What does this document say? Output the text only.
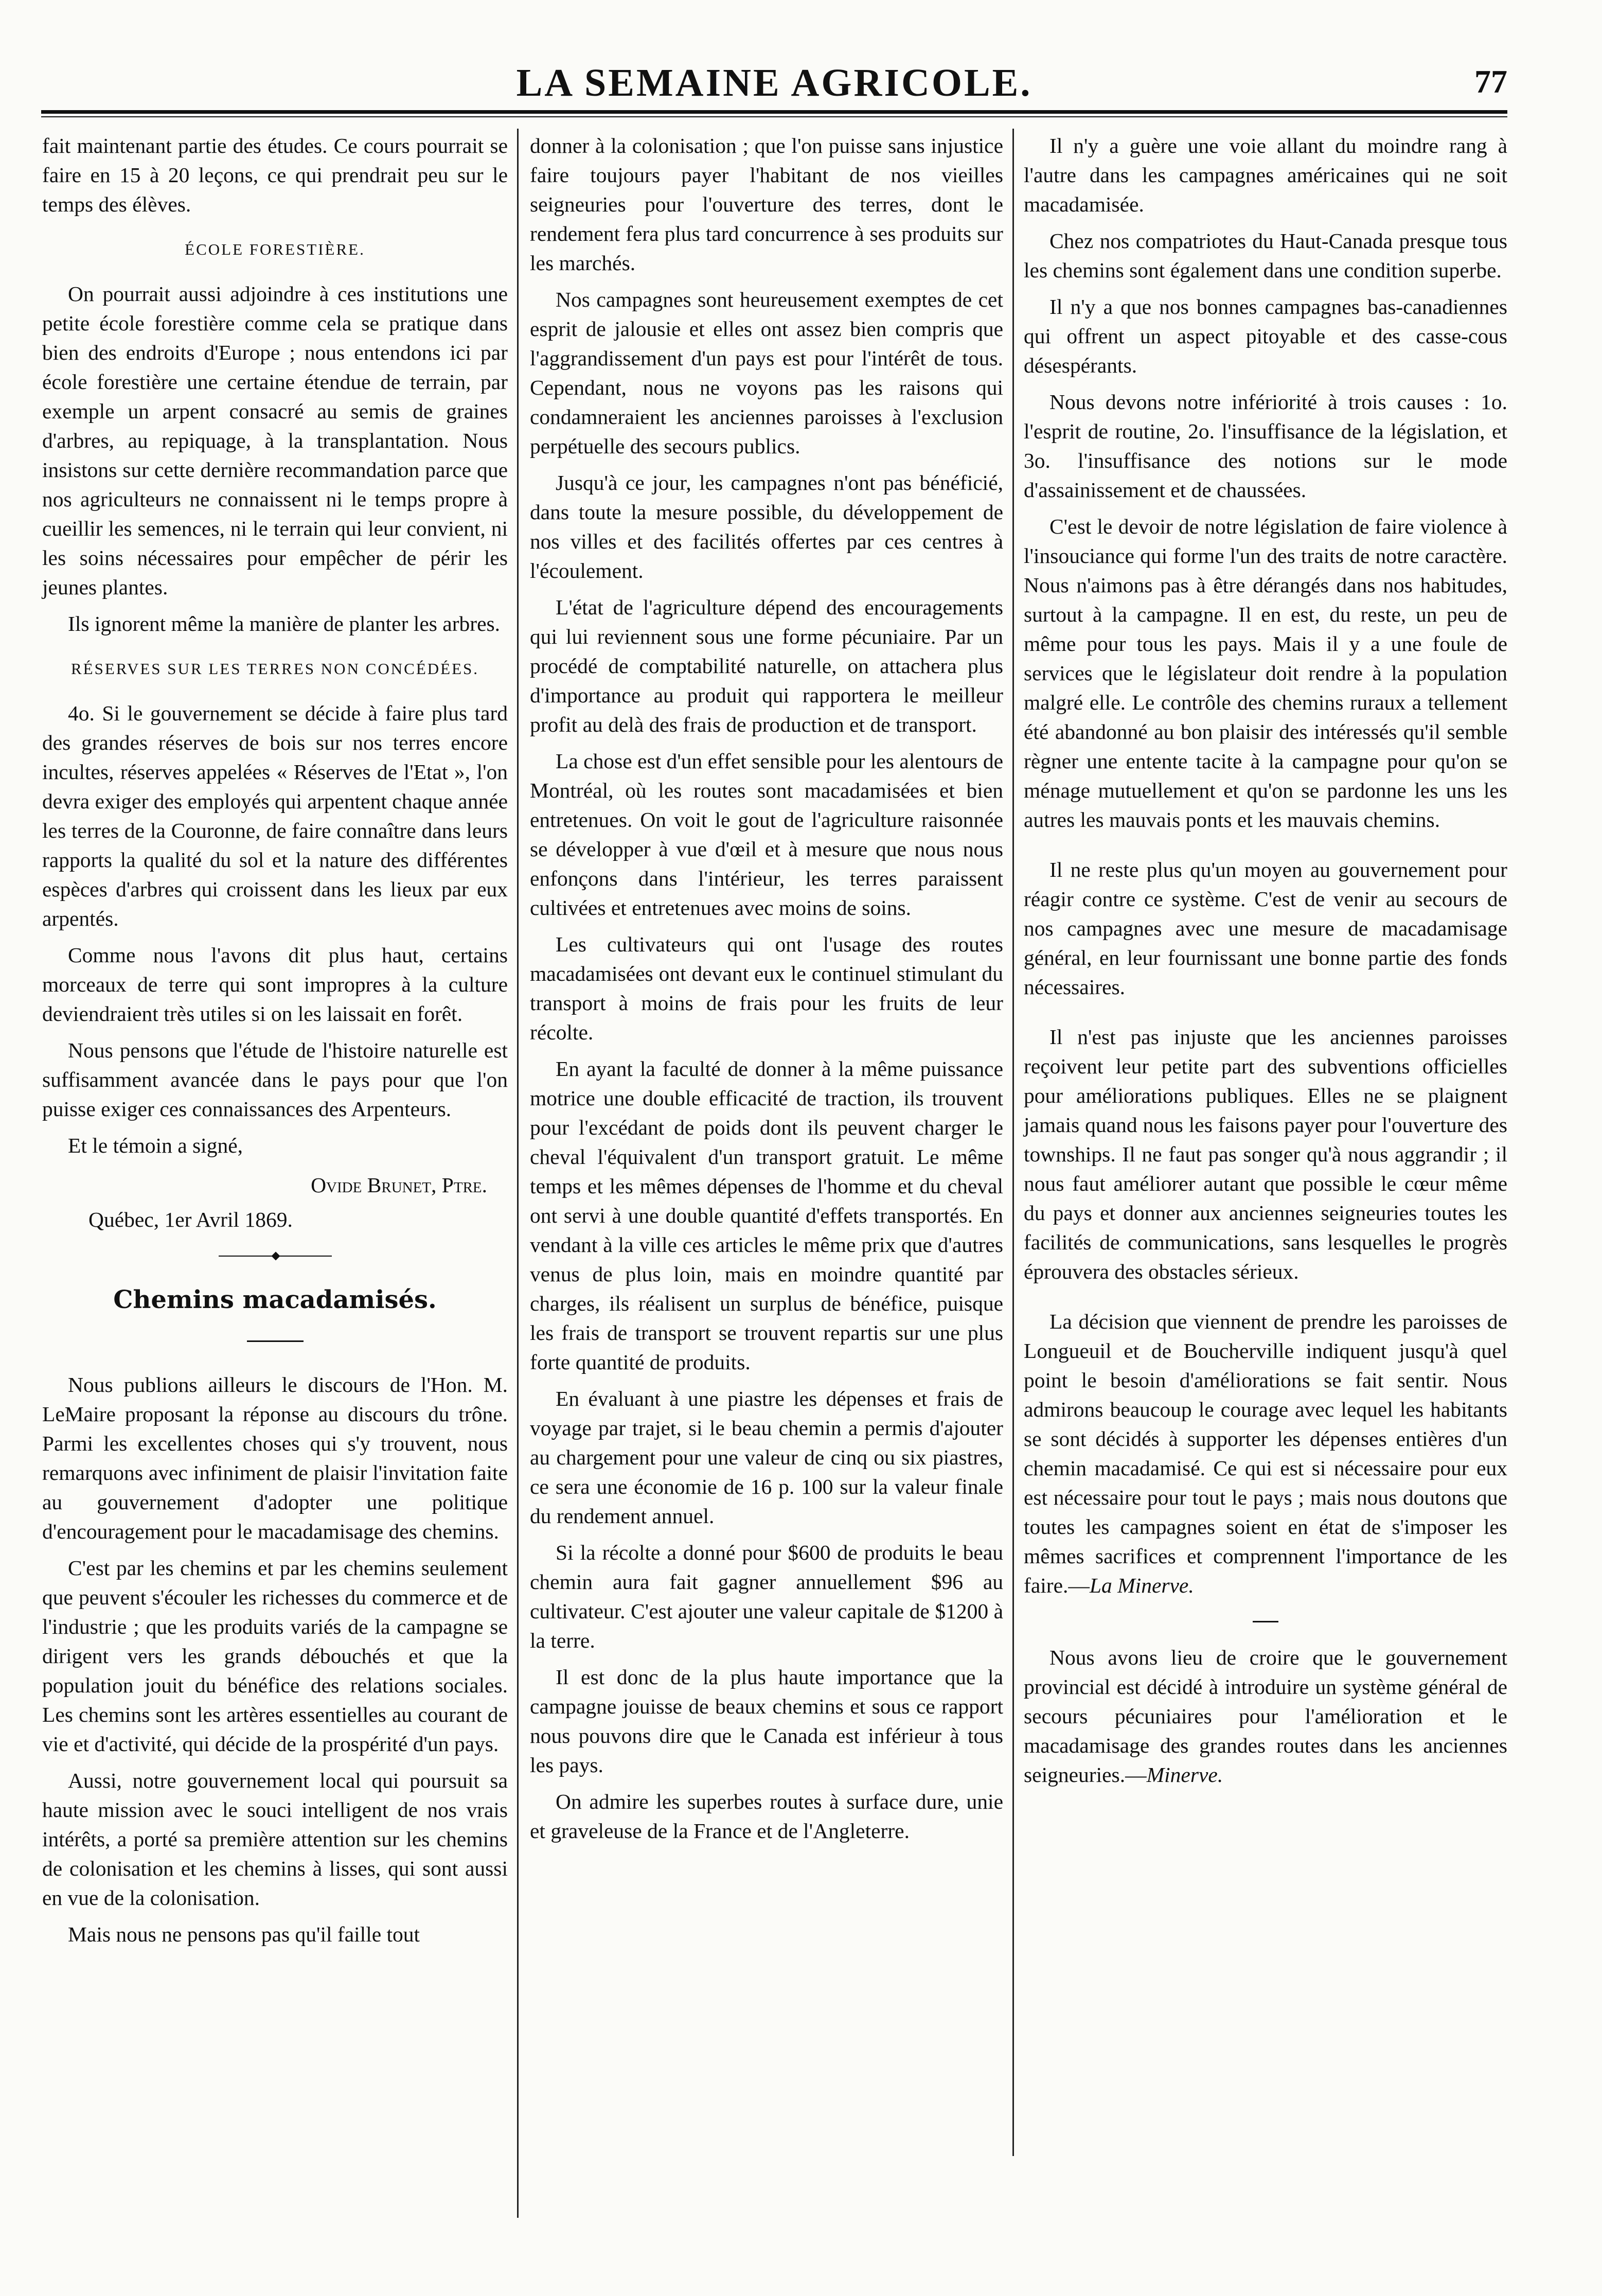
LA SEMAINE AGRICOLE.	77

fait maintenant partie des études. Ce cours pourrait se faire en 15 à 20 leçons, ce qui prendrait peu sur le temps des élèves.

ÉCOLE FORESTIÈRE.

On pourrait aussi adjoindre à ces institutions une petite école forestière comme cela se pratique dans bien des endroits d'Europe ; nous entendons ici par école forestière une certaine étendue de terrain, par exemple un arpent consacré au semis de graines d'arbres, au repiquage, à la transplantation. Nous insistons sur cette dernière recommandation parce que nos agriculteurs ne connaissent ni le temps propre à cueillir les semences, ni le terrain qui leur convient, ni les soins nécessaires pour empêcher de périr les jeunes plantes.

Ils ignorent même la manière de planter les arbres.

RÉSERVES SUR LES TERRES NON CONCÉDÉES.

4o. Si le gouvernement se décide à faire plus tard des grandes réserves de bois sur nos terres encore incultes, réserves appelées « Réserves de l'Etat », l'on devra exiger des employés qui arpentent chaque année les terres de la Couronne, de faire connaître dans leurs rapports la qualité du sol et la nature des différentes espèces d'arbres qui croissent dans les lieux par eux arpentés.

Comme nous l'avons dit plus haut, certains morceaux de terre qui sont impropres à la culture deviendraient très utiles si on les laissait en forêt.

Nous pensons que l'étude de l'histoire naturelle est suffisamment avancée dans le pays pour que l'on puisse exiger ces connaissances des Arpenteurs.

Et le témoin a signé,

Ovide Brunet, Ptre.

Québec, 1er Avril 1869.

Chemins macadamisés.

Nous publions ailleurs le discours de l'Hon. M. LeMaire proposant la réponse au discours du trône. Parmi les excellentes choses qui s'y trouvent, nous remarquons avec infiniment de plaisir l'invitation faite au gouvernement d'adopter une politique d'encouragement pour le macadamisage des chemins.

C'est par les chemins et par les chemins seulement que peuvent s'écouler les richesses du commerce et de l'industrie ; que les produits variés de la campagne se dirigent vers les grands débouchés et que la population jouit du bénéfice des relations sociales. Les chemins sont les artères essentielles au courant de vie et d'activité, qui décide de la prospérité d'un pays.

Aussi, notre gouvernement local qui poursuit sa haute mission avec le souci intelligent de nos vrais intérêts, a porté sa première attention sur les chemins de colonisation et les chemins à lisses, qui sont aussi en vue de la colonisation.

Mais nous ne pensons pas qu'il faille tout

donner à la colonisation ; que l'on puisse sans injustice faire toujours payer l'habitant de nos vieilles seigneuries pour l'ouverture des terres, dont le rendement fera plus tard concurrence à ses produits sur les marchés.

Nos campagnes sont heureusement exemptes de cet esprit de jalousie et elles ont assez bien compris que l'aggrandissement d'un pays est pour l'intérêt de tous. Cependant, nous ne voyons pas les raisons qui condamneraient les anciennes paroisses à l'exclusion perpétuelle des secours publics.

Jusqu'à ce jour, les campagnes n'ont pas bénéficié, dans toute la mesure possible, du développement de nos villes et des facilités offertes par ces centres à l'écoulement.

L'état de l'agriculture dépend des encouragements qui lui reviennent sous une forme pécuniaire. Par un procédé de comptabilité naturelle, on attachera plus d'importance au produit qui rapportera le meilleur profit au delà des frais de production et de transport.

La chose est d'un effet sensible pour les alentours de Montréal, où les routes sont macadamisées et bien entretenues. On voit le gout de l'agriculture raisonnée se développer à vue d'œil et à mesure que nous nous enfonçons dans l'intérieur, les terres paraissent cultivées et entretenues avec moins de soins.

Les cultivateurs qui ont l'usage des routes macadamisées ont devant eux le continuel stimulant du transport à moins de frais pour les fruits de leur récolte.

En ayant la faculté de donner à la même puissance motrice une double efficacité de traction, ils trouvent pour l'excédant de poids dont ils peuvent charger le cheval l'équivalent d'un transport gratuit. Le même temps et les mêmes dépenses de l'homme et du cheval ont servi à une double quantité d'effets transportés. En vendant à la ville ces articles le même prix que d'autres venus de plus loin, mais en moindre quantité par charges, ils réalisent un surplus de bénéfice, puisque les frais de transport se trouvent repartis sur une plus forte quantité de produits.

En évaluant à une piastre les dépenses et frais de voyage par trajet, si le beau chemin a permis d'ajouter au chargement pour une valeur de cinq ou six piastres, ce sera une économie de 16 p. 100 sur la valeur finale du rendement annuel.

Si la récolte a donné pour $600 de produits le beau chemin aura fait gagner annuellement $96 au cultivateur. C'est ajouter une valeur capitale de $1200 à la terre.

Il est donc de la plus haute importance que la campagne jouisse de beaux chemins et sous ce rapport nous pouvons dire que le Canada est inférieur à tous les pays.

On admire les superbes routes à surface dure, unie et graveleuse de la France et de l'Angleterre.

Il n'y a guère une voie allant du moindre rang à l'autre dans les campagnes américaines qui ne soit macadamisée.

Chez nos compatriotes du Haut-Canada presque tous les chemins sont également dans une condition superbe.

Il n'y a que nos bonnes campagnes bas-canadiennes qui offrent un aspect pitoyable et des casse-cous désespérants.

Nous devons notre infériorité à trois causes : 1o. l'esprit de routine, 2o. l'insuffisance de la législation, et 3o. l'insuffisance des notions sur le mode d'assainissement et de chaussées.

C'est le devoir de notre législation de faire violence à l'insouciance qui forme l'un des traits de notre caractère. Nous n'aimons pas à être dérangés dans nos habitudes, surtout à la campagne. Il en est, du reste, un peu de même pour tous les pays. Mais il y a une foule de services que le législateur doit rendre à la population malgré elle. Le contrôle des chemins ruraux a tellement été abandonné au bon plaisir des intéressés qu'il semble règner une entente tacite à la campagne pour qu'on se ménage mutuellement et qu'on se pardonne les uns les autres les mauvais ponts et les mauvais chemins.

Il ne reste plus qu'un moyen au gouvernement pour réagir contre ce système. C'est de venir au secours de nos campagnes avec une mesure de macadamisage général, en leur fournissant une bonne partie des fonds nécessaires.

Il n'est pas injuste que les anciennes paroisses reçoivent leur petite part des subventions officielles pour améliorations publiques. Elles ne se plaignent jamais quand nous les faisons payer pour l'ouverture des townships. Il ne faut pas songer qu'à nous aggrandir ; il nous faut améliorer autant que possible le cœur même du pays et donner aux anciennes seigneuries toutes les facilités de communications, sans lesquelles le progrès éprouvera des obstacles sérieux.

La décision que viennent de prendre les paroisses de Longueuil et de Boucherville indiquent jusqu'à quel point le besoin d'améliorations se fait sentir. Nous admirons beaucoup le courage avec lequel les habitants se sont décidés à supporter les dépenses entières d'un chemin macadamisé. Ce qui est si nécessaire pour eux est nécessaire pour tout le pays ; mais nous doutons que toutes les campagnes soient en état de s'imposer les mêmes sacrifices et comprennent l'importance de les faire.—La Minerve.

Nous avons lieu de croire que le gouvernement provincial est décidé à introduire un système général de secours pécuniaires pour l'amélioration et le macadamisage des grandes routes dans les anciennes seigneuries.—Minerve.
